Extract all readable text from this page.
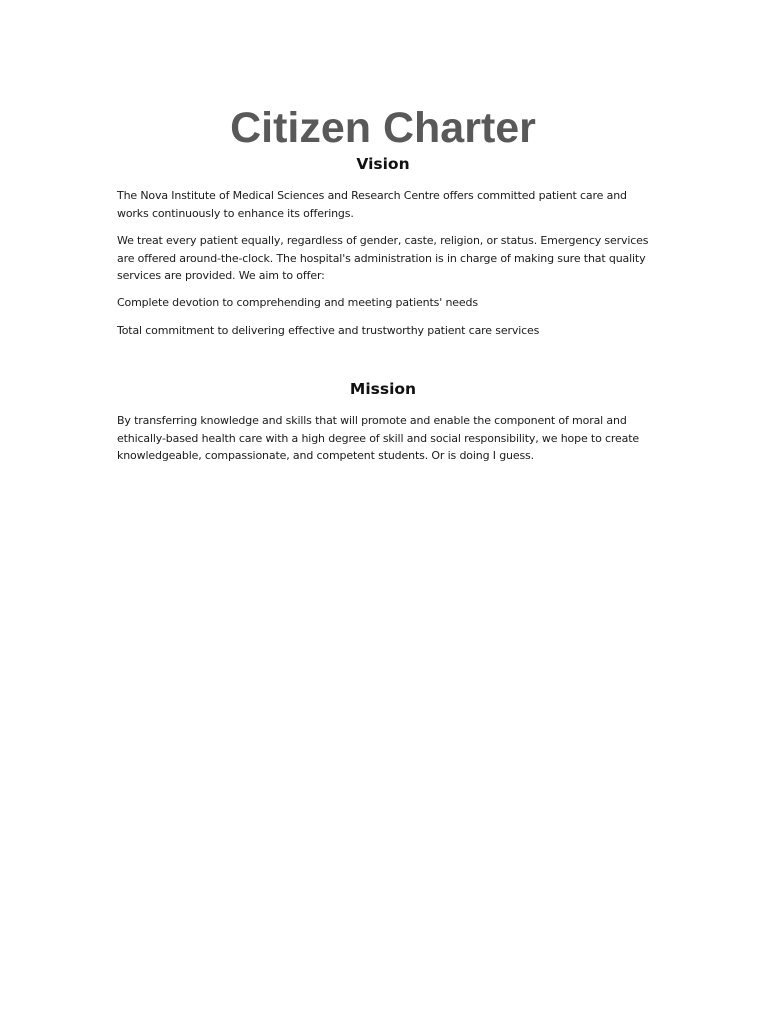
Citizen Charter
Vision

The Nova Institute of Medical Sciences and Research Centre offers committed patient care and
works continuously to enhance its offerings.

We treat every patient equally, regardless of gender, caste, religion, or status. Emergency services
are offered around-the-clock. The hospital's administration is in charge of making sure that quality
services are provided. We aim to offer:

Complete devotion to comprehending and meeting patients' needs

Total commitment to delivering effective and trustworthy patient care services

Mission

By transferring knowledge and skills that will promote and enable the component of moral and
ethically-based health care with a high degree of skill and social responsibility, we hope to create
knowledgeable, compassionate, and competent students. Or is doing I guess.
